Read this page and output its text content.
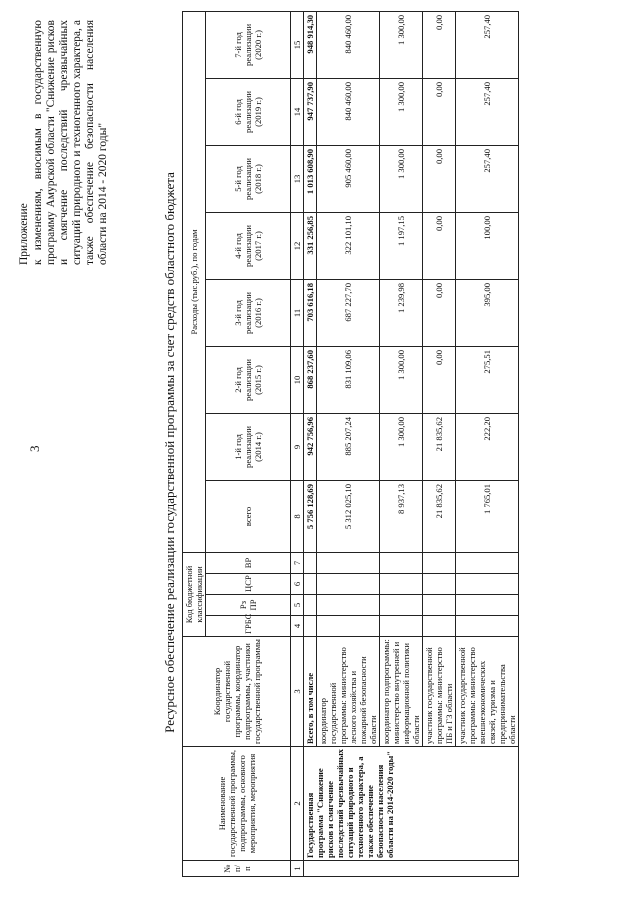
3
Приложение к изменениям, вносимым в государственную программу Амурской области "Снижение рисков и смягчение последствий чрезвычайных ситуаций природного и техногенного характера, а также обеспечение безопасности населения области на 2014 - 2020 годы"	Ресурсное обеспечение реализации государственной программы за счет средств областного бюджета
№ п/п	Наименование государственной программы, подпрограммы, основного мероприятия, мероприятия	Координатор государственной программы, координатор подпрограммы, участники государственной программы	Код бюджетной классификации				Расходы (тыс.руб.), по годам							
			ГРБС	Рз ПР	ЦСР	ВР	всего	1-й год реализации (2014 г.)	2-й год реализации (2015 г.)	3-й год реализации (2016 г.)	4-й год реализации (2017 г.)	5-й год реализации (2018 г.)	6-й год реализации (2019 г.)	7-й год реализации (2020 г.)

1	2	3	4	5	6	7	8	9	10	11	12	13	14	15
	Государственная программа "Снижение рисков и смягчение последствий чрезвычайных ситуаций природного и техногенного характера, а также обеспечение безопасности населения области на 2014-2020 годы"	Всего, в том числе					5 756 128,69	942 756,96	868 237,60	703 616,18	331 256,85	1 013 608,90	947 737,90	948 914,30
		координатор государственной программы: министерство лесного хозяйства и пожарной безопасности области					5 312 025,10	885 207,24	831 109,06	687 227,70	322 101,10	905 460,00	840 460,00	840 460,00
		координатор подпрограммы: министерство внутренней и информационной политики области					8 937,13	1 300,00	1 300,00	1 239,98	1 197,15	1 300,00	1 300,00	1 300,00
		участник государственной программы: министерство ПБ и ГЗ области					21 835,62	21 835,62	0,00	0,00	0,00	0,00	0,00	0,00
		участник государственной программы: министерство внешнеэкономических связей, туризма и предпринимательства области					1 765,01	222,20	275,51	395,00	100,00	257,40	257,40	257,40
